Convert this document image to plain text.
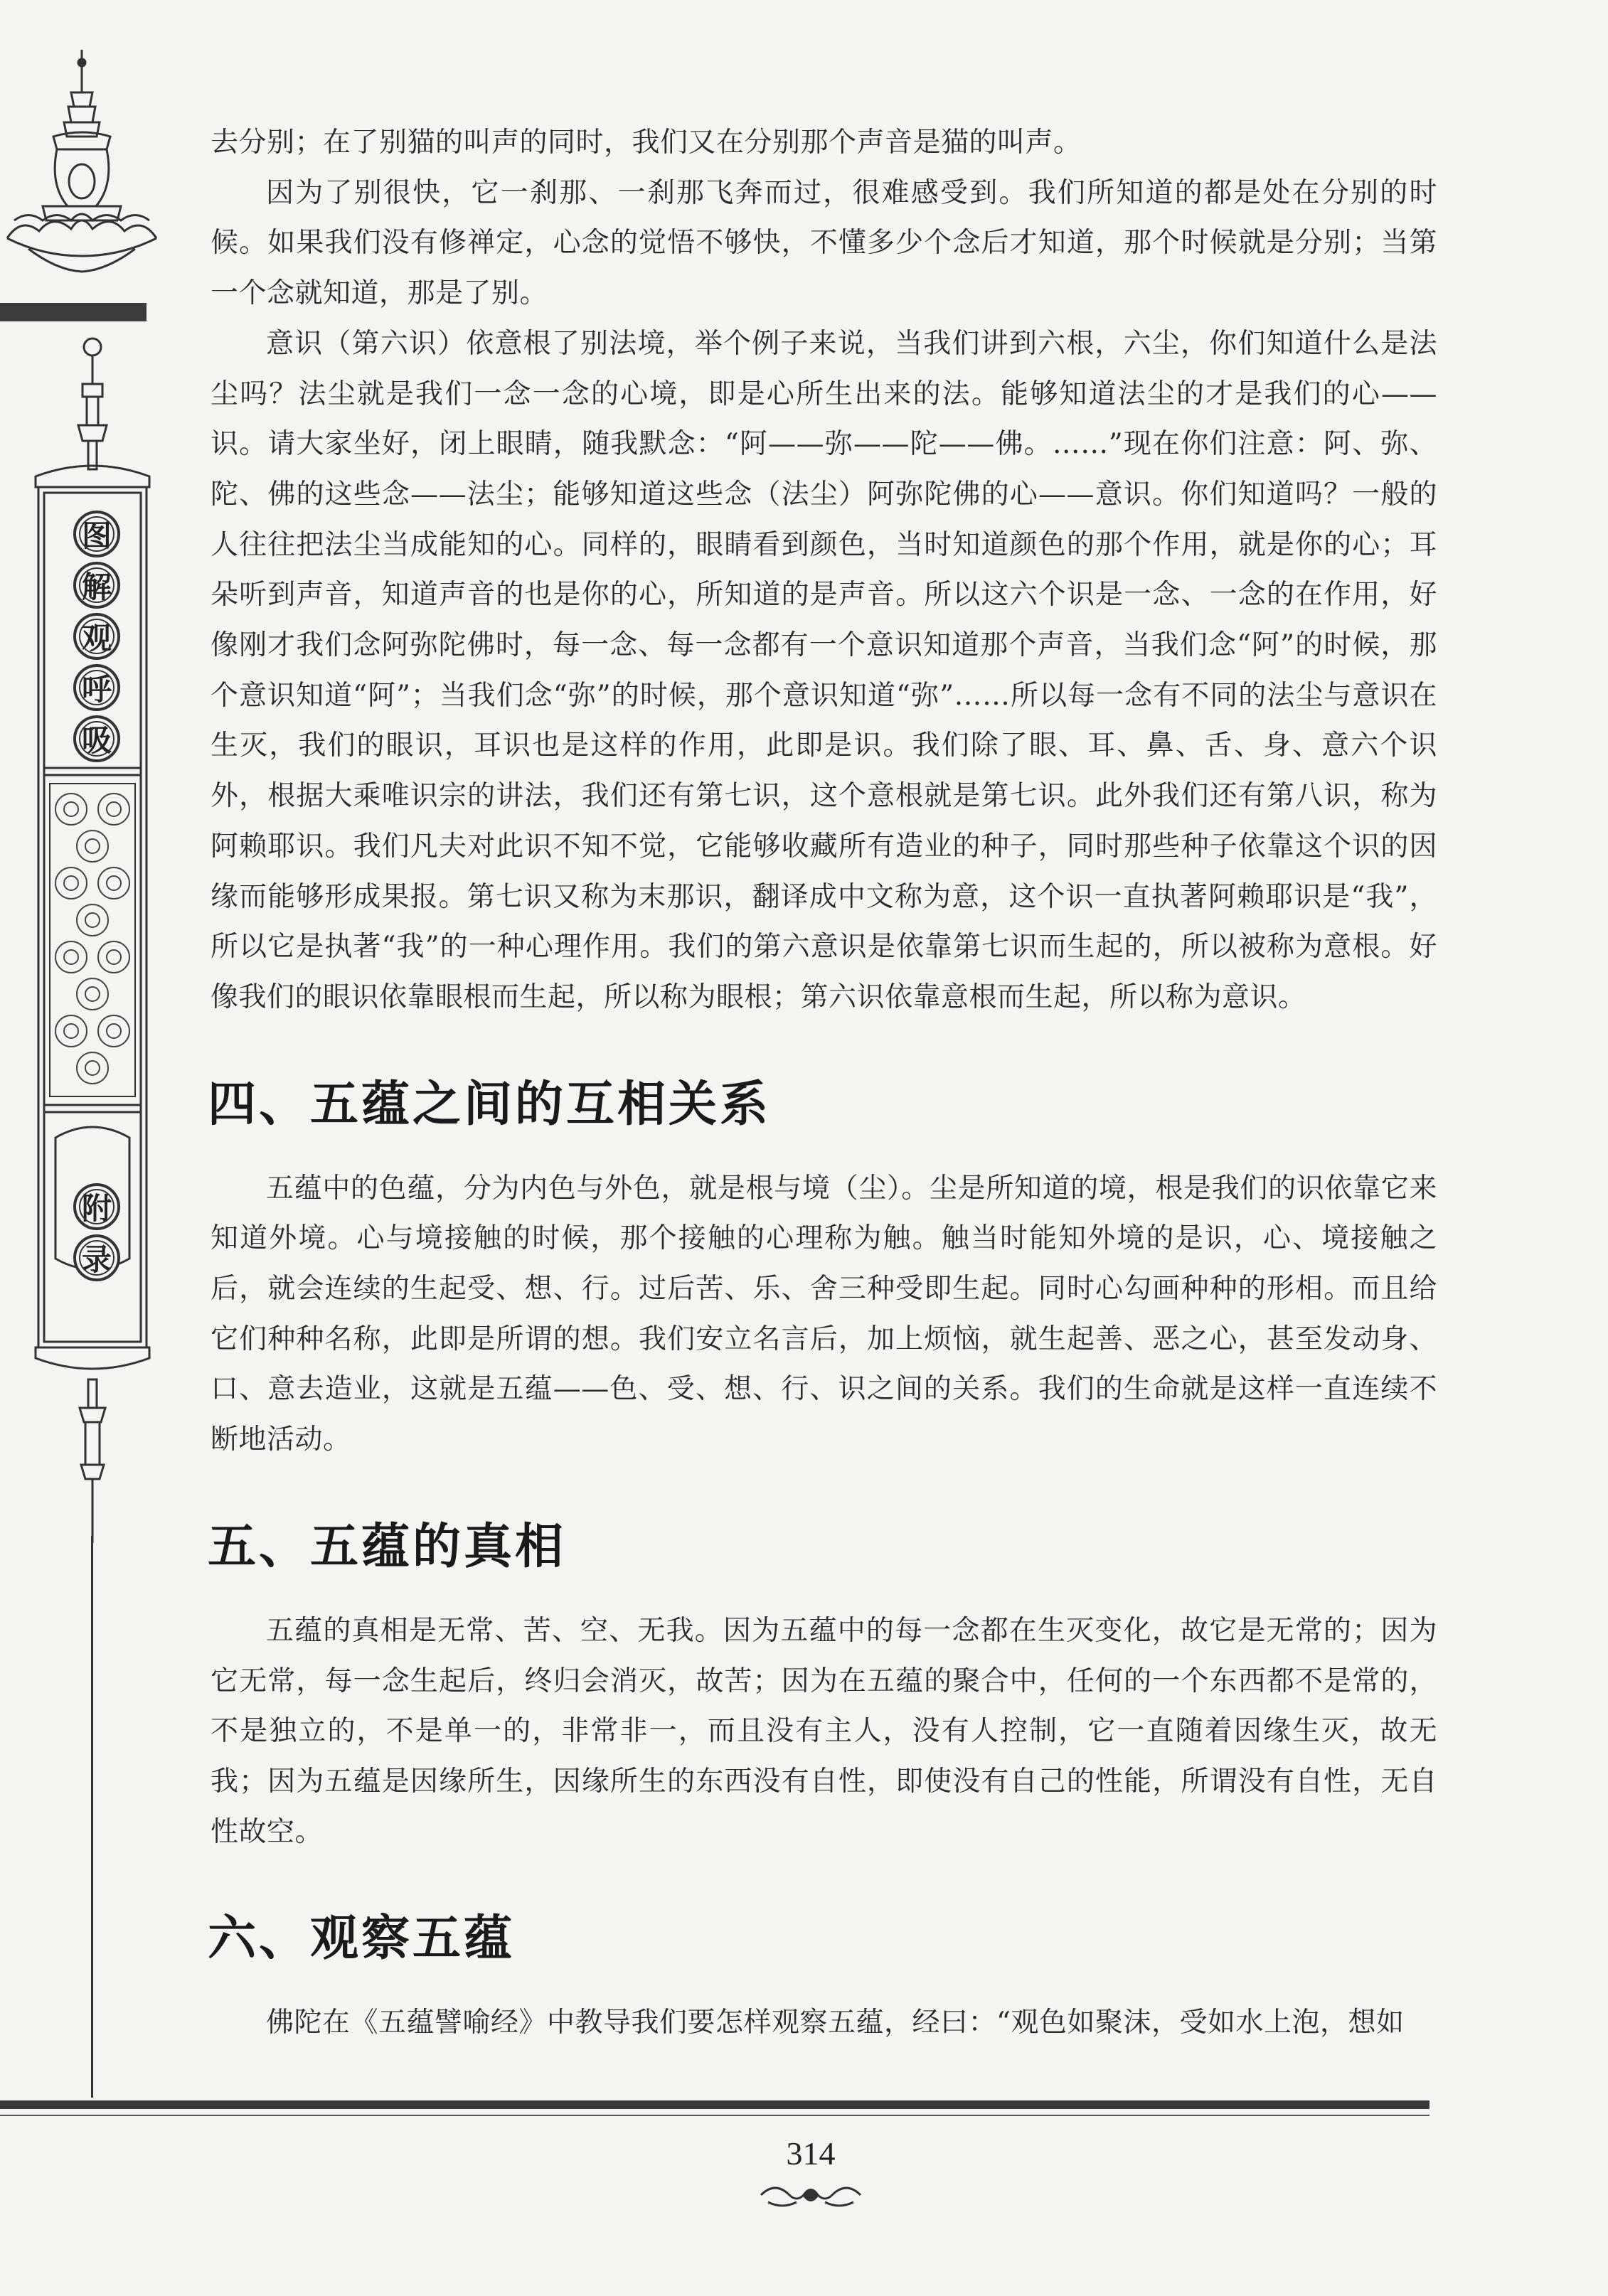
图
解
观
呼
吸
附
录

去分别；在了别猫的叫声的同时，我们又在分别那个声音是猫的叫声。

因为了别很快，它一刹那、一刹那飞奔而过，很难感受到。我们所知道的都是处在分别的时候。如果我们没有修禅定，心念的觉悟不够快，不懂多少个念后才知道，那个时候就是分别；当第一个念就知道，那是了别。

意识（第六识）依意根了别法境，举个例子来说，当我们讲到六根，六尘，你们知道什么是法尘吗？法尘就是我们一念一念的心境，即是心所生出来的法。能够知道法尘的才是我们的心——识。请大家坐好，闭上眼睛，随我默念：“阿——弥——陀——佛。……”现在你们注意：阿、弥、陀、佛的这些念——法尘；能够知道这些念（法尘）阿弥陀佛的心——意识。你们知道吗？一般的人往往把法尘当成能知的心。同样的，眼睛看到颜色，当时知道颜色的那个作用，就是你的心；耳朵听到声音，知道声音的也是你的心，所知道的是声音。所以这六个识是一念、一念的在作用，好像刚才我们念阿弥陀佛时，每一念、每一念都有一个意识知道那个声音，当我们念“阿”的时候，那个意识知道“阿”；当我们念“弥”的时候，那个意识知道“弥”……所以每一念有不同的法尘与意识在生灭，我们的眼识，耳识也是这样的作用，此即是识。我们除了眼、耳、鼻、舌、身、意六个识外，根据大乘唯识宗的讲法，我们还有第七识，这个意根就是第七识。此外我们还有第八识，称为阿赖耶识。我们凡夫对此识不知不觉，它能够收藏所有造业的种子，同时那些种子依靠这个识的因缘而能够形成果报。第七识又称为末那识，翻译成中文称为意，这个识一直执著阿赖耶识是“我”，所以它是执著“我”的一种心理作用。我们的第六意识是依靠第七识而生起的，所以被称为意根。好像我们的眼识依靠眼根而生起，所以称为眼根；第六识依靠意根而生起，所以称为意识。

四、五蕴之间的互相关系

五蕴中的色蕴，分为内色与外色，就是根与境（尘）。尘是所知道的境，根是我们的识依靠它来知道外境。心与境接触的时候，那个接触的心理称为触。触当时能知外境的是识，心、境接触之后，就会连续的生起受、想、行。过后苦、乐、舍三种受即生起。同时心勾画种种的形相。而且给它们种种名称，此即是所谓的想。我们安立名言后，加上烦恼，就生起善、恶之心，甚至发动身、口、意去造业，这就是五蕴——色、受、想、行、识之间的关系。我们的生命就是这样一直连续不断地活动。

五、五蕴的真相

五蕴的真相是无常、苦、空、无我。因为五蕴中的每一念都在生灭变化，故它是无常的；因为它无常，每一念生起后，终归会消灭，故苦；因为在五蕴的聚合中，任何的一个东西都不是常的，不是独立的，不是单一的，非常非一，而且没有主人，没有人控制，它一直随着因缘生灭，故无我；因为五蕴是因缘所生，因缘所生的东西没有自性，即使没有自己的性能，所谓没有自性，无自性故空。

六、观察五蕴

佛陀在《五蕴譬喻经》中教导我们要怎样观察五蕴，经曰：“观色如聚沫，受如水上泡，想如

314
